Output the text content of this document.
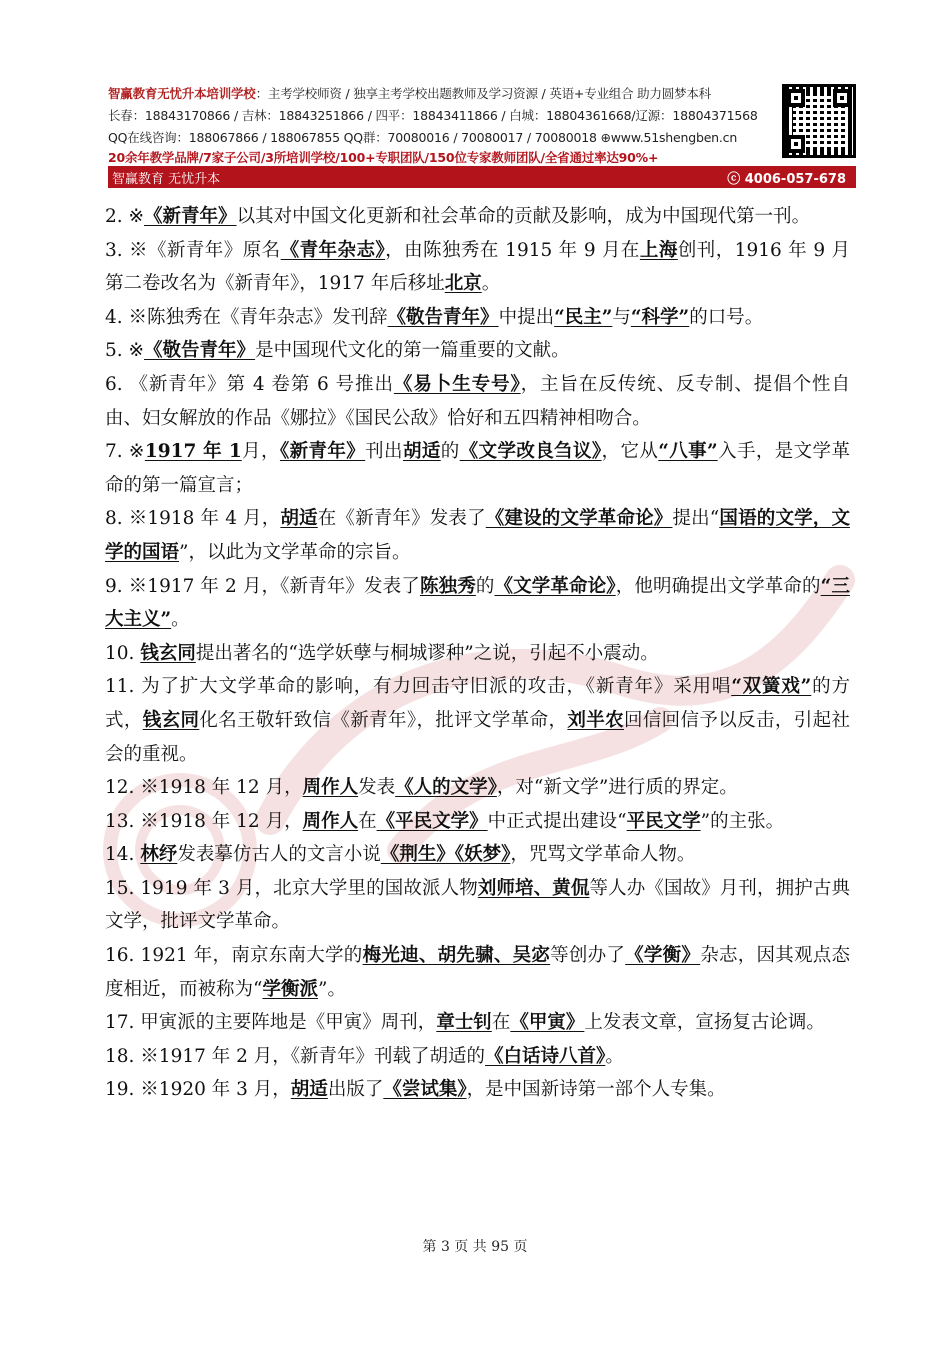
智赢教育无忧升本培训学校：主考学校师资 / 独享主考学校出题教师及学习资源 / 英语+专业组合 助力圆梦本科
长春：18843170866 / 吉林：18843251866 / 四平：18843411866 / 白城：18804361668/辽源：18804371568
QQ在线咨询：188067866 / 188067855 QQ群：70080016 / 70080017 / 70080018 ⊕www.51shengben.cn
20余年教学品牌/7家子公司/3所培训学校/100+专职团队/150位专家教师团队/全省通过率达90%+
智赢教育 无忧升本	ⓒ 4006-057-678

2. ※《新青年》以其对中国文化更新和社会革命的贡献及影响，成为中国现代第一刊。

3. ※《新青年》原名《青年杂志》，由陈独秀在 1915 年 9 月在上海创刊，1916 年 9 月第二卷改名为《新青年》，1917 年后移址北京。

4. ※陈独秀在《青年杂志》发刊辞《敬告青年》中提出“民主”与“科学”的口号。

5. ※《敬告青年》是中国现代文化的第一篇重要的文献。

6. 《新青年》第 4 卷第 6 号推出《易卜生专号》，主旨在反传统、反专制、提倡个性自由、妇女解放的作品《娜拉》《国民公敌》恰好和五四精神相吻合。

7. ※1917 年 1月，《新青年》刊出胡适的《文学改良刍议》，它从“八事”入手，是文学革命的第一篇宣言；

8. ※1918 年 4 月，胡适在《新青年》发表了《建设的文学革命论》提出“国语的文学，文学的国语”，以此为文学革命的宗旨。

9. ※1917 年 2 月，《新青年》发表了陈独秀的《文学革命论》，他明确提出文学革命的“三大主义”。

10. 钱玄同提出著名的“选学妖孽与桐城谬种”之说，引起不小震动。

11. 为了扩大文学革命的影响，有力回击守旧派的攻击，《新青年》采用唱“双簧戏”的方式，钱玄同化名王敬轩致信《新青年》，批评文学革命，刘半农回信回信予以反击，引起社会的重视。

12. ※1918 年 12 月，周作人发表《人的文学》，对“新文学”进行质的界定。

13. ※1918 年 12 月，周作人在《平民文学》中正式提出建设“平民文学”的主张。

14. 林纾发表摹仿古人的文言小说《荆生》《妖梦》，咒骂文学革命人物。

15. 1919 年 3 月，北京大学里的国故派人物刘师培、黄侃等人办《国故》月刊，拥护古典文学，批评文学革命。

16. 1921 年，南京东南大学的梅光迪、胡先骕、吴宓等创办了《学衡》杂志，因其观点态度相近，而被称为“学衡派”。

17. 甲寅派的主要阵地是《甲寅》周刊，章士钊在《甲寅》上发表文章，宣扬复古论调。

18. ※1917 年 2 月，《新青年》刊载了胡适的《白话诗八首》。

19. ※1920 年 3 月，胡适出版了《尝试集》，是中国新诗第一部个人专集。

第 3 页 共 95 页
